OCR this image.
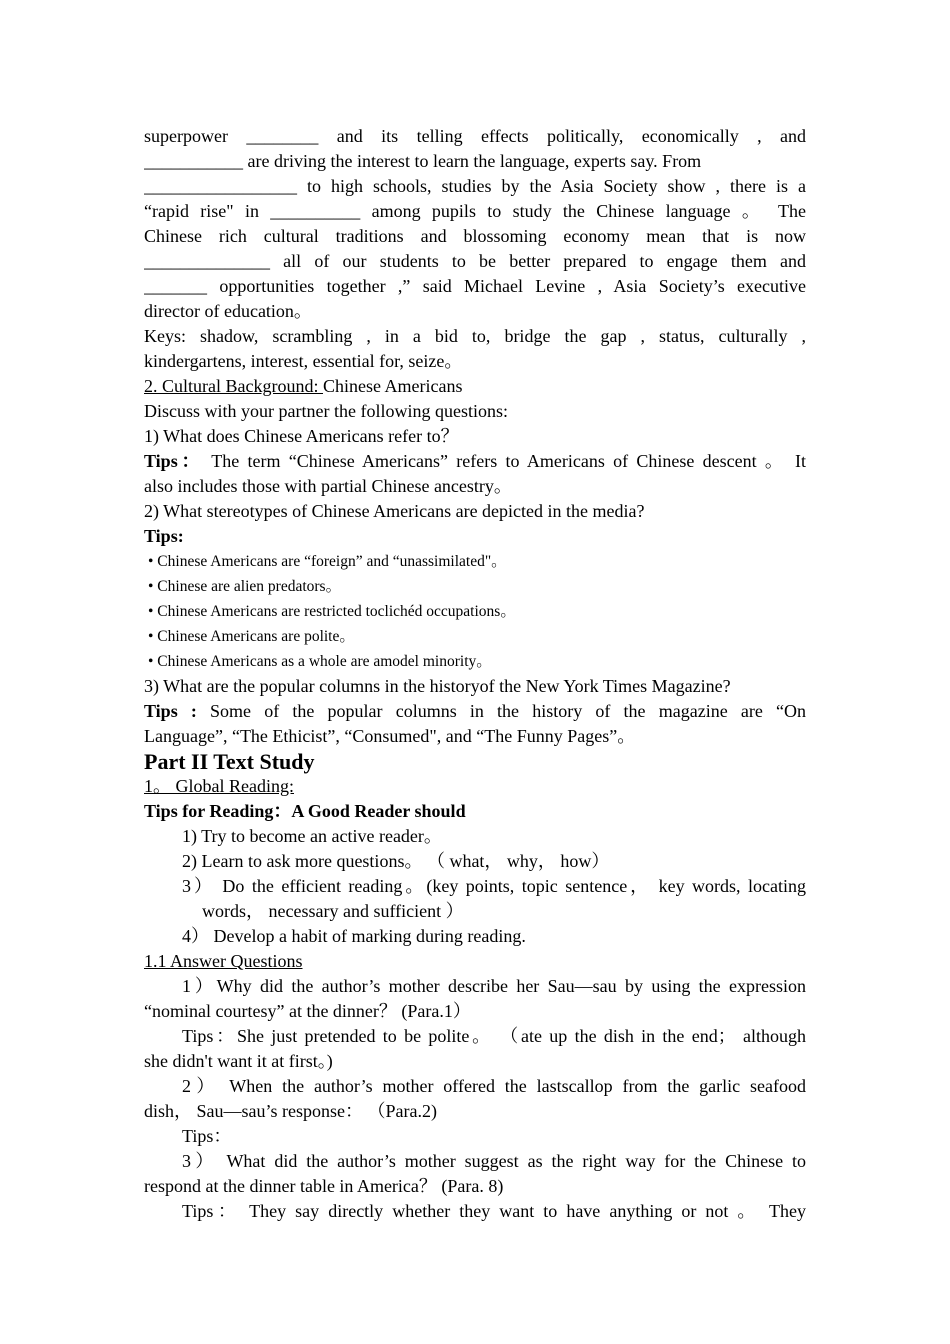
superpower ________ and its telling effects politically, economically , and
___________ are driving the interest to learn the language, experts say. From
_________________ to high schools, studies by the Asia Society show , there is a
“rapid rise" in __________ among pupils to study the Chinese language 。 The
Chinese rich cultural traditions and blossoming economy mean that is now
______________ all of our students to be better prepared to engage them and
_______ opportunities together ,” said Michael Levine , Asia Society’s executive
director of education。
Keys: shadow, scrambling , in a bid to, bridge the gap , status, culturally ,
kindergartens, interest, essential for, seize。
2. Cultural Background: Chinese Americans
Discuss with your partner the following questions:
1) What does Chinese Americans refer to？
Tips： The term “Chinese Americans” refers to Americans of Chinese descent 。 It
also includes those with partial Chinese ancestry。
2) What stereotypes of Chinese Americans are depicted in the media?
Tips:
• Chinese Americans are “foreign” and “unassimilated"。
• Chinese are alien predators。
• Chinese Americans are restricted toclichéd occupations。
• Chinese Americans are polite。
• Chinese Americans as a whole are amodel minority。
3) What are the popular columns in the historyof the New York Times Magazine?
Tips : Some of the popular columns in the history of the magazine are “On
Language”, “The Ethicist”, “Consumed", and “The Funny Pages”。
Part II Text Study
1。 Global Reading:
Tips for Reading：A Good Reader should
1) Try to become an active reader。
2) Learn to ask more questions。 （ what， why， how）
3） Do the efficient reading。(key points, topic sentence， key words, locating
words， necessary and sufficient ）
4） Develop a habit of marking during reading.
1.1 Answer Questions
1）Why did the author’s mother describe her Sau—sau by using the expression
“nominal courtesy” at the dinner？ (Para.1）
Tips：She just pretended to be polite。 （ate up the dish in the end； although
she didn't want it at first。)
2） When the author’s mother offered the lastscallop from the garlic seafood
dish， Sau—sau’s response： （Para.2)
Tips：
3） What did the author’s mother suggest as the right way for the Chinese to
respond at the dinner table in America？ (Para. 8)
Tips： They say directly whether they want to have anything or not 。 They
